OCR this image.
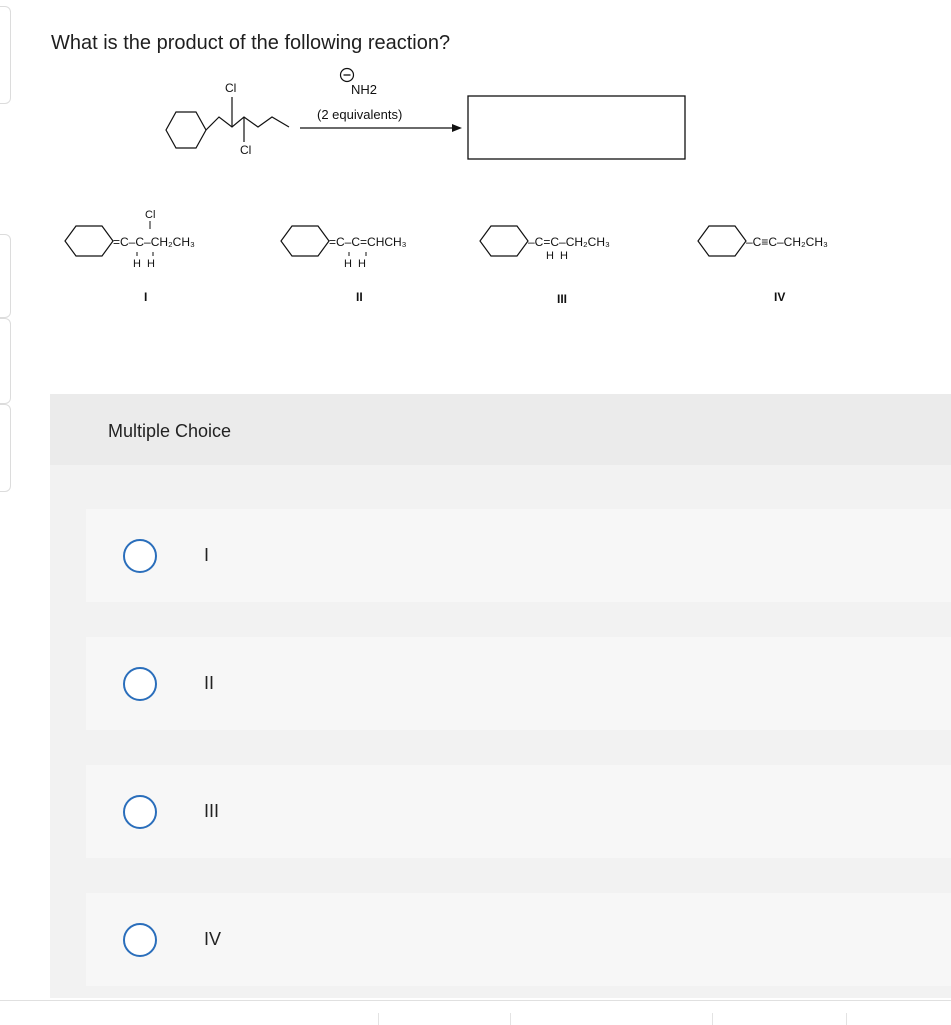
What is the product of the following reaction?
Cl
Cl
NH2
(2 equivalents)
Cl
=C–C–CH₂CH₃
H  H
I
=C–C=CHCH₃
H  H
II
–C=C–CH₂CH₃
H  H
III
–C≡C–CH₂CH₃
IV
Multiple Choice
I
II
III
IV
